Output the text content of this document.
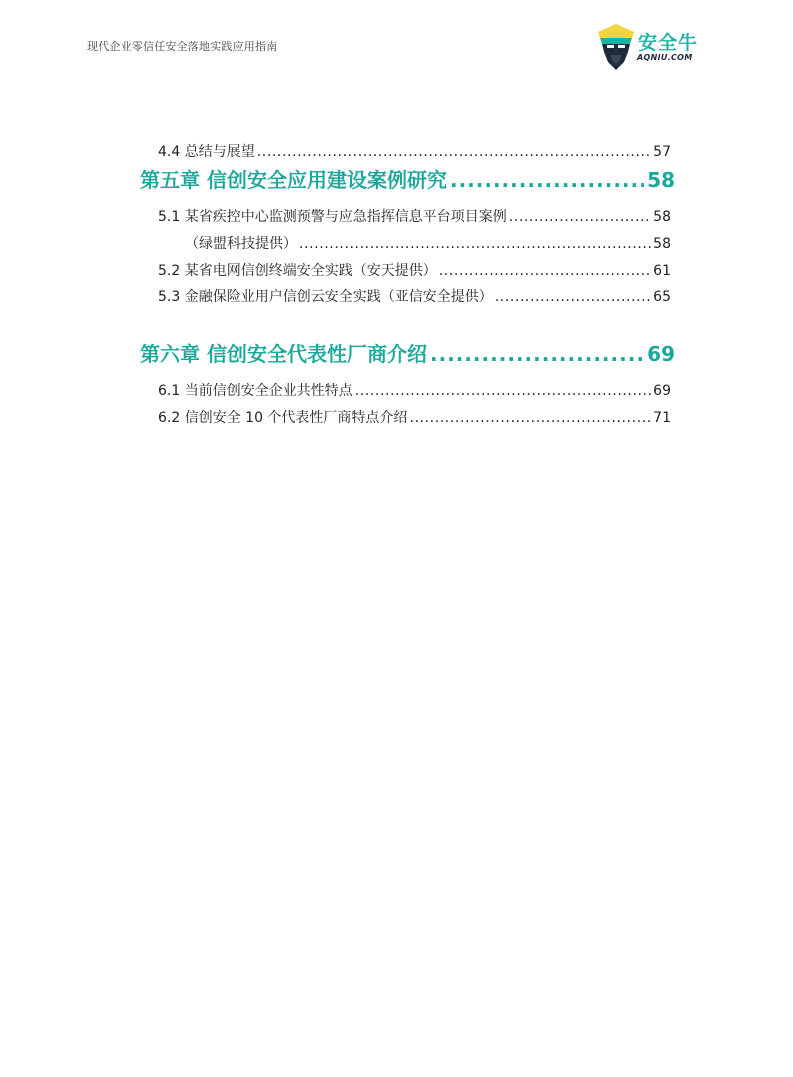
现代企业零信任安全落地实践应用指南	安全牛
AQNIU.COM
4.4 总结与展望 .....	57
第五章 信创安全应用建设案例研究 .....	58
5.1 某省疾控中心监测预警与应急指挥信息平台项目案例 .....	58
（绿盟科技提供） .....	58
5.2 某省电网信创终端安全实践（安天提供） .....	61
5.3 金融保险业用户信创云安全实践（亚信安全提供） .....	65
第六章 信创安全代表性厂商介绍 .....	69
6.1 当前信创安全企业共性特点 .....	69
6.2 信创安全 10 个代表性厂商特点介绍 .....	71
